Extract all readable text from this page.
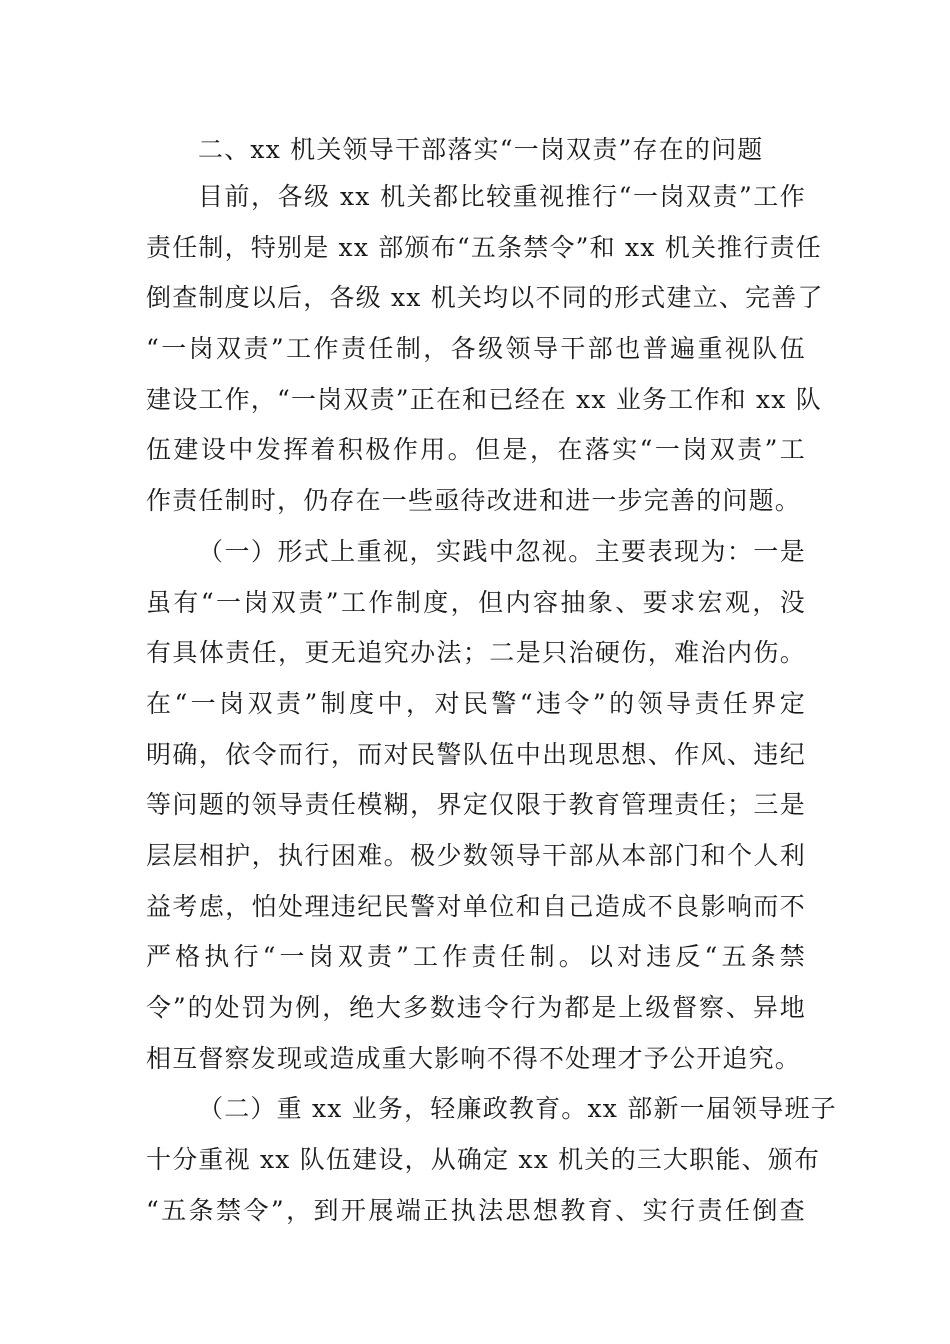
二、xx 机关领导干部落实“一岗双责”存在的问题
目前，各级 xx 机关都比较重视推行“一岗双责”工作
责任制，特别是 xx 部颁布“五条禁令”和 xx 机关推行责任
倒查制度以后，各级 xx 机关均以不同的形式建立、完善了
“一岗双责”工作责任制，各级领导干部也普遍重视队伍
建设工作，“一岗双责”正在和已经在 xx 业务工作和 xx 队
伍建设中发挥着积极作用。但是，在落实“一岗双责”工
作责任制时，仍存在一些亟待改进和进一步完善的问题。
（一）形式上重视，实践中忽视。主要表现为：一是
虽有“一岗双责”工作制度，但内容抽象、要求宏观，没
有具体责任，更无追究办法；二是只治硬伤，难治内伤。
在“一岗双责”制度中，对民警“违令”的领导责任界定
明确，依令而行，而对民警队伍中出现思想、作风、违纪
等问题的领导责任模糊，界定仅限于教育管理责任；三是
层层相护，执行困难。极少数领导干部从本部门和个人利
益考虑，怕处理违纪民警对单位和自己造成不良影响而不
严格执行“一岗双责”工作责任制。以对违反“五条禁
令”的处罚为例，绝大多数违令行为都是上级督察、异地
相互督察发现或造成重大影响不得不处理才予公开追究。
（二）重 xx 业务，轻廉政教育。xx 部新一届领导班子
十分重视 xx 队伍建设，从确定 xx 机关的三大职能、颁布
“五条禁令”，到开展端正执法思想教育、实行责任倒查
